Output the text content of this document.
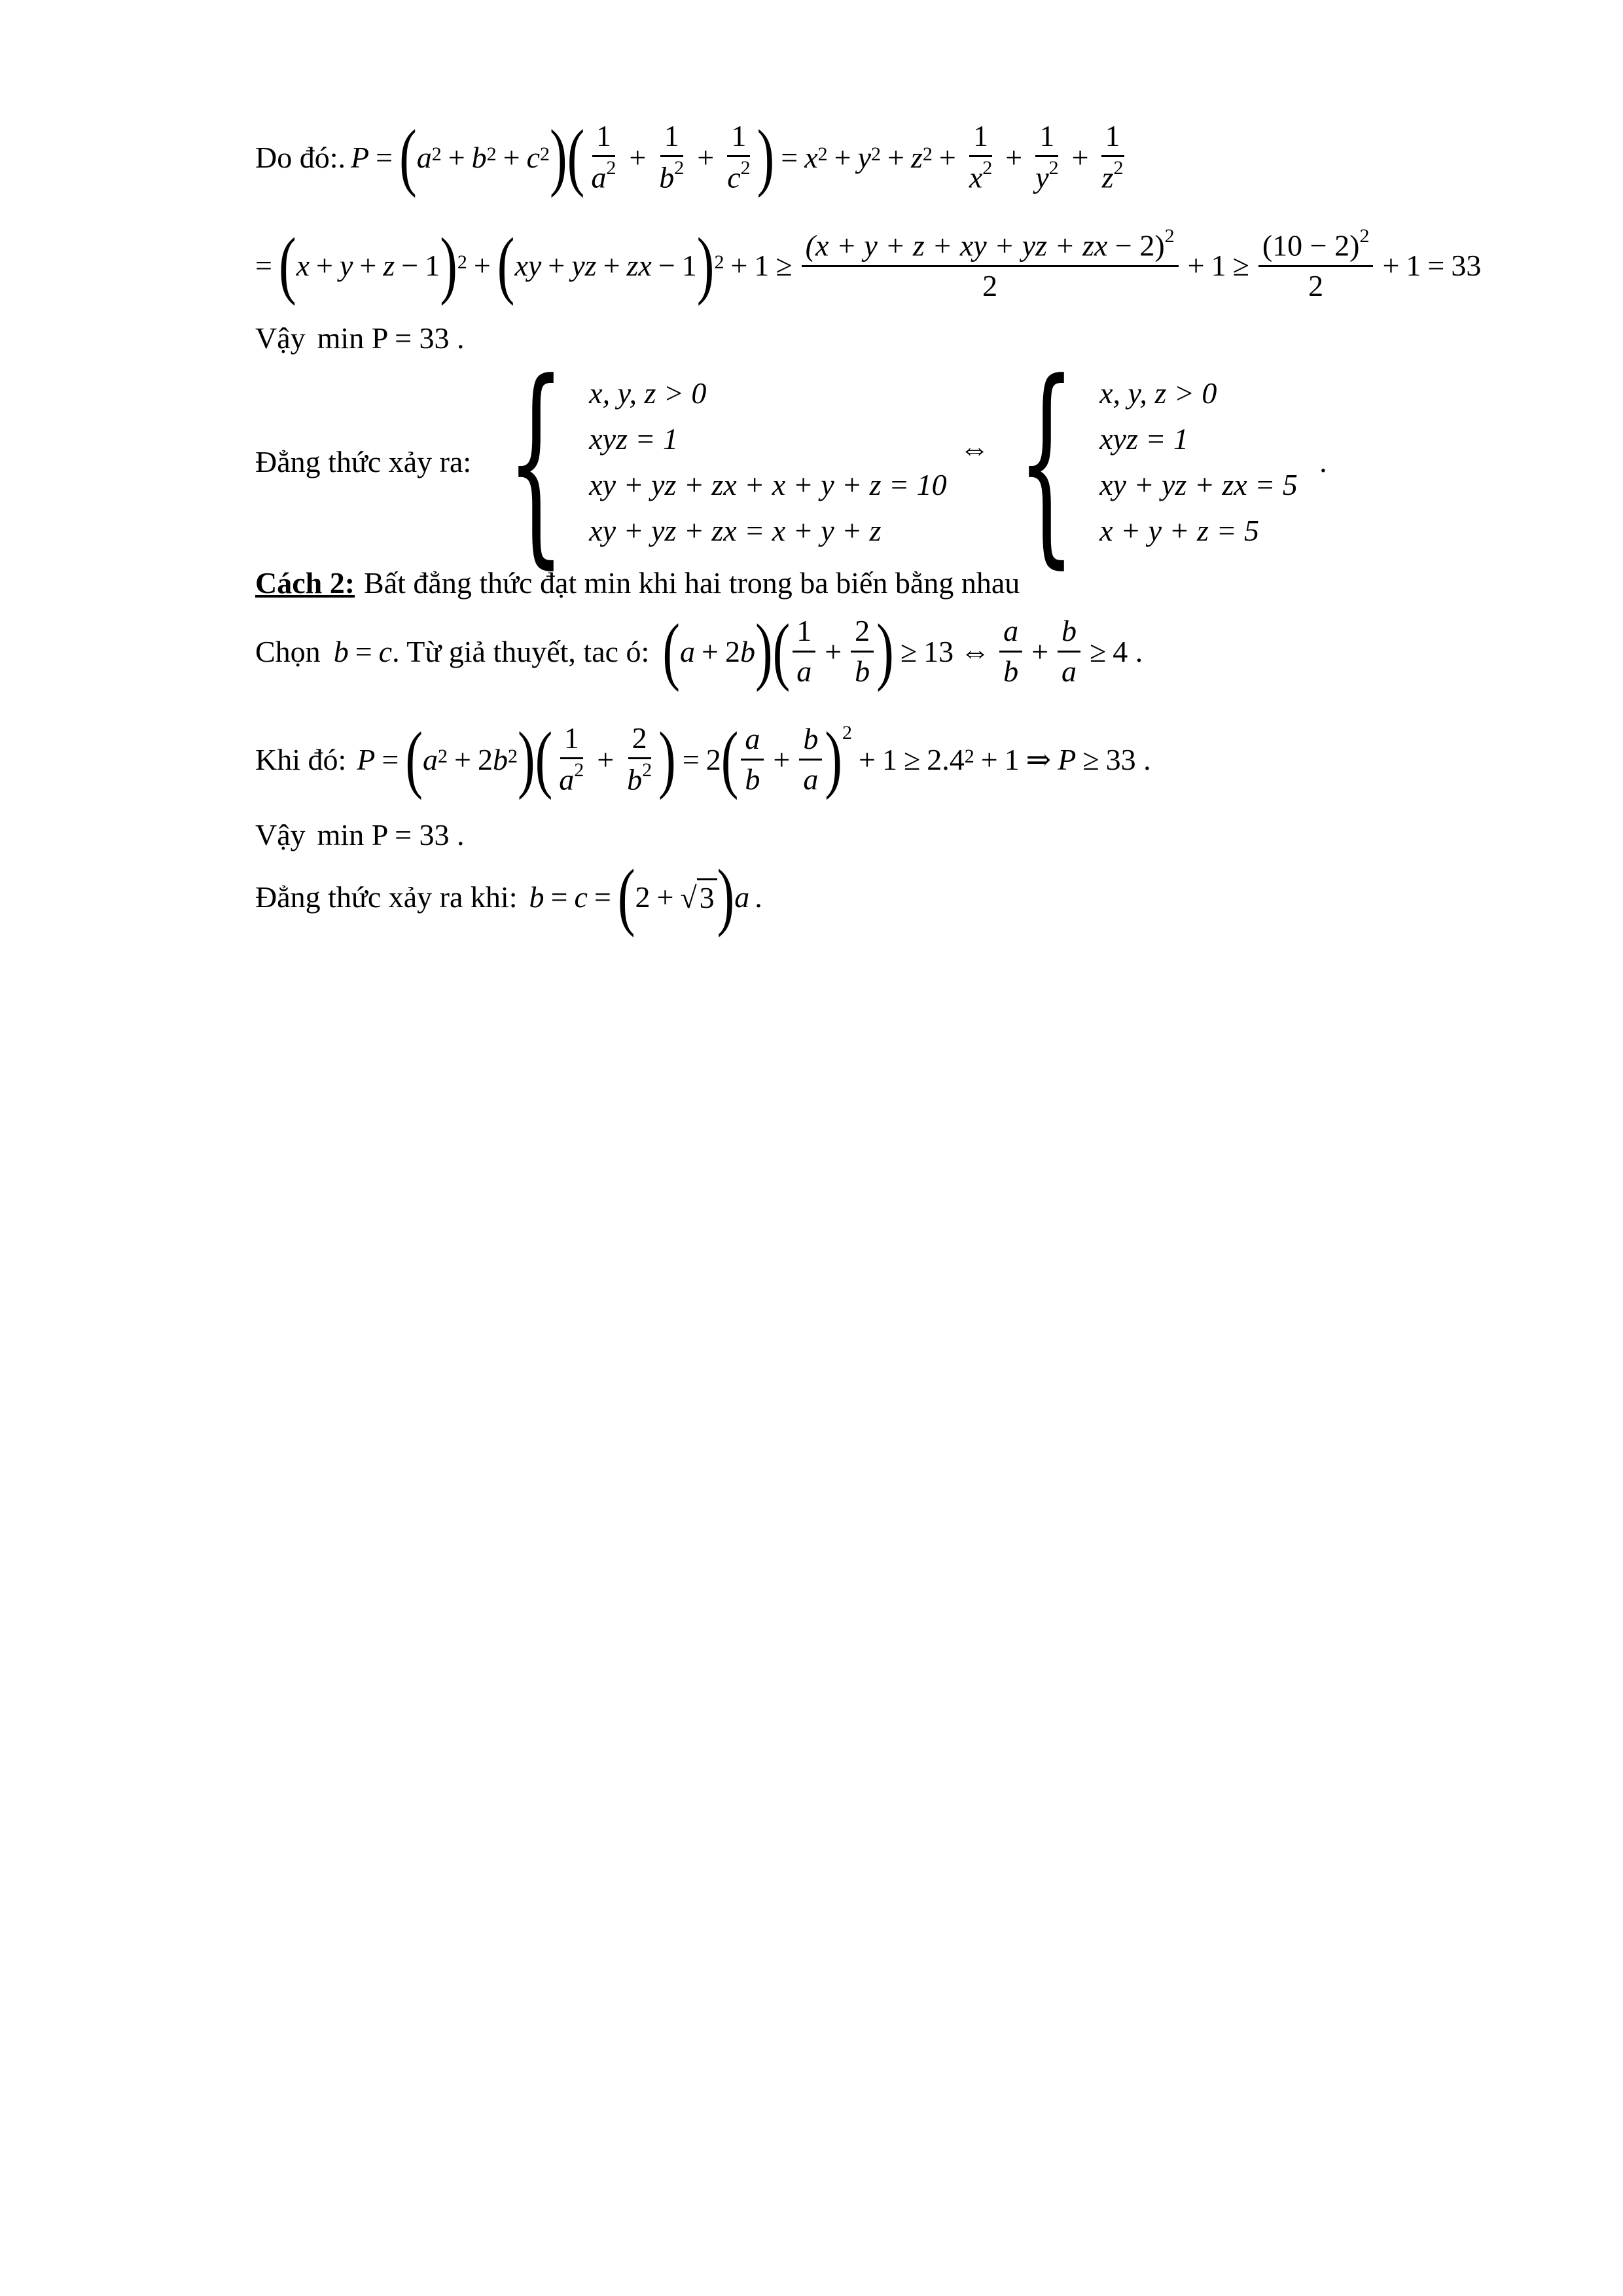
Do đó:. P = ( $a^2 + b^2 + c^2$ ) ( $\frac{1}{a^2} + \frac{1}{b^2} + \frac{1}{c^2}$ ) = $x^2 + y^2 + z^2 + \frac{1}{x^2} + \frac{1}{y^2} + \frac{1}{z^2}$
= ( x + y + z − 1 )$^2$ + ( xy + yz + zx − 1 )$^2 + 1 \ge \frac{(x + y + z + xy + yz + zx - 2)^2}{2} + 1 \ge \frac{(10 - 2)^2}{2} + 1 = 33$
Vậy min P = 33 .
Đẳng thức xảy ra: { x, y, z > 0
xyz = 1
xy + yz + zx + x + y + z = 10
xy + yz + zx = x + y + z
⇔ { x, y, z > 0
xyz = 1
xy + yz + zx = 5
x + y + z = 5
.
Cách 2: Bất đẳng thức đạt min khi hai trong ba biến bằng nhau
Chọn b = c . Từ giả thuyết, tac ó: ( a + 2 b ) ( $\frac{1}{a} + \frac{2}{b}$ ) ≥ 13 ⇔ $\frac{a}{b} + \frac{b}{a} \ge 4$ .
Khi đó: P = ( $a^2 + 2$ $b^2$ ) ( $\frac{1}{a^2} + \frac{2}{b^2}$ ) = 2 ( $\frac{a}{b} + \frac{b}{a} )^2$
+ $1 \ge 2.4^2 + 1$ ⇒ P ≥ 33 .
Vậy min P = 33 .
Đẳng thức xảy ra khi: b = c = ( 2 + √ 3 ) a .
